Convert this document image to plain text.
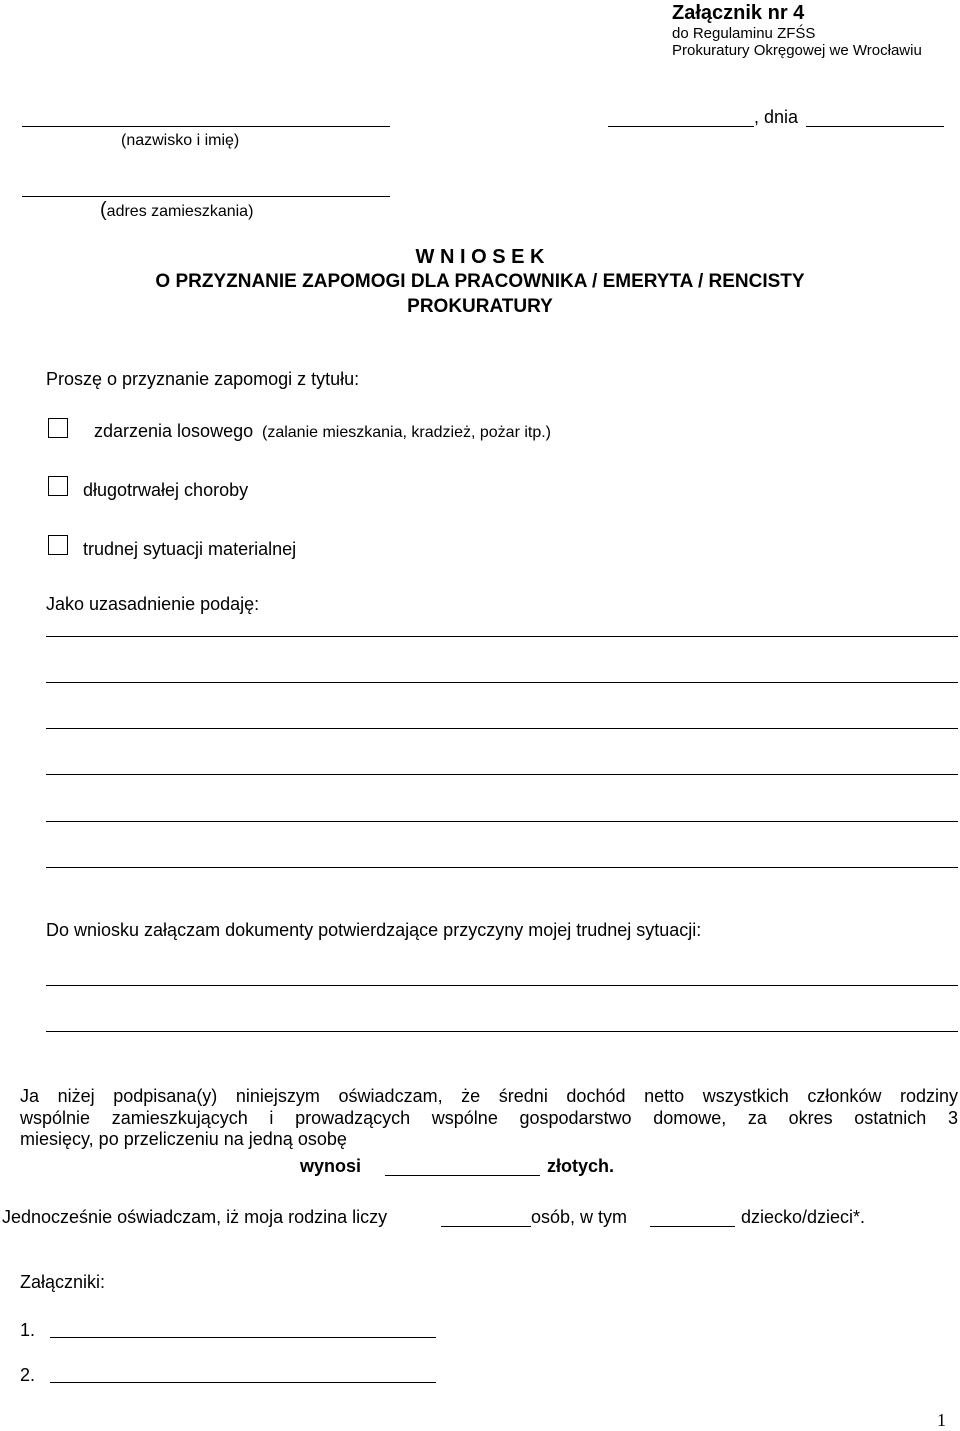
Załącznik nr 4
do Regulaminu ZFŚS
Prokuratury Okręgowej we Wrocławiu
(nazwisko i imię)
, dnia
(adres zamieszkania)
W N I O S E K
O PRZYZNANIE ZAPOMOGI DLA PRACOWNIKA / EMERYTA / RENCISTY
PROKURATURY
Proszę o przyznanie zapomogi z tytułu:
zdarzenia losowego (zalanie mieszkania, kradzież, pożar itp.)
długotrwałej choroby
trudnej sytuacji materialnej
Jako uzasadnienie podaję:
Do wniosku załączam dokumenty potwierdzające przyczyny mojej trudnej sytuacji:
Ja niżej podpisana(y) niniejszym oświadczam, że średni dochód netto wszystkich członków rodziny
wspólnie zamieszkujących i prowadzących wspólne gospodarstwo domowe, za okres ostatnich 3
miesięcy, po przeliczeniu na jedną osobę
wynosi	złotych.
Jednocześnie oświadczam, iż moja rodzina liczy	osób, w tym	dziecko/dzieci*.
Załączniki:
1.
2.
1
